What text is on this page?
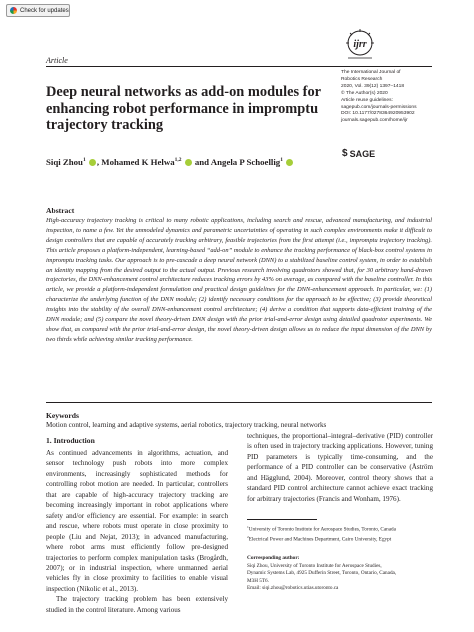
Check for updates
ijrr
Article
Deep neural networks as add-on modules for enhancing robot performance in impromptu trajectory tracking
The International Journal of
Robotics Research
2020, Vol. 39(12) 1397–1418
© The Author(s) 2020
Article reuse guidelines:
sagepub.com/journals-permissions
DOI: 10.1177/0278364920953902
journals.sagepub.com/home/ijr
$ SAGE
Siqi Zhou$^1$ , Mohamed K Helwa$^{1,2}$  and Angela P Schoellig$^1$
Abstract

High-accuracy trajectory tracking is critical to many robotic applications, including search and rescue, advanced manufacturing, and industrial inspection, to name a few. Yet the unmodeled dynamics and parametric uncertainties of operating in such complex environments make it difficult to design controllers that are capable of accurately tracking arbitrary, feasible trajectories from the first attempt (i.e., impromptu trajectory tracking). This article proposes a platform-independent, learning-based “add-on” module to enhance the tracking performance of black-box control systems in impromptu tracking tasks. Our approach is to pre-cascade a deep neural network (DNN) to a stabilized baseline control system, in order to establish an identity mapping from the desired output to the actual output. Previous research involving quadrotors showed that, for 30 arbitrary hand-drawn trajectories, the DNN-enhancement control architecture reduces tracking errors by 43% on average, as compared with the baseline controller. In this article, we provide a platform-independent formulation and practical design guidelines for the DNN-enhancement approach. In particular, we: (1) characterize the underlying function of the DNN module; (2) identify necessary conditions for the approach to be effective; (3) provide theoretical insights into the stability of the overall DNN-enhancement control architecture; (4) derive a condition that supports data-efficient training of the DNN module; and (5) compare the novel theory-driven DNN design with the prior trial-and-error design using detailed quadrotor experiments. We show that, as compared with the prior trial-and-error design, the novel theory-driven design allows us to reduce the input dimension of the DNN by two thirds while achieving similar tracking performance.

Keywords
Motion control, learning and adaptive systems, aerial robotics, trajectory tracking, neural networks
1. Introduction

As continued advancements in algorithms, actuation, and sensor technology push robots into more complex environments, increasingly sophisticated methods for controlling robot motion are needed. In particular, controllers that are capable of high-accuracy trajectory tracking are becoming increasingly important in robot applications where safety and/or efficiency are essential. For example: in search and rescue, where robots must operate in close proximity to people (Liu and Nejat, 2013); in advanced manufacturing, where robot arms must efficiently follow pre-designed trajectories to perform complex manipulation tasks (Brogårdh, 2007); or in industrial inspection, where unmanned aerial vehicles fly in close proximity to facilities to enable visual inspection (Nikolic et al., 2013).

The trajectory tracking problem has been extensively studied in the control literature. Among various

techniques, the proportional–integral–derivative (PID) controller is often used in trajectory tracking applications. However, tuning PID parameters is typically time-consuming, and the performance of a PID controller can be conservative (Åström and Hägglund, 2004). Moreover, control theory shows that a standard PID control architecture cannot achieve exact tracking for arbitrary trajectories (Francis and Wonham, 1976).

$^1$University of Toronto Institute for Aerospace Studies, Toronto, Canada
$^2$Electrical Power and Machines Department, Cairo University, Egypt
Corresponding author:
Siqi Zhou, University of Toronto Institute for Aerospace Studies,
Dynamic Systems Lab, 4925 Dufferin Street, Toronto, Ontario, Canada,
M3H 5T6.
Email: siqi.zhou@robotics.utias.utoronto.ca
